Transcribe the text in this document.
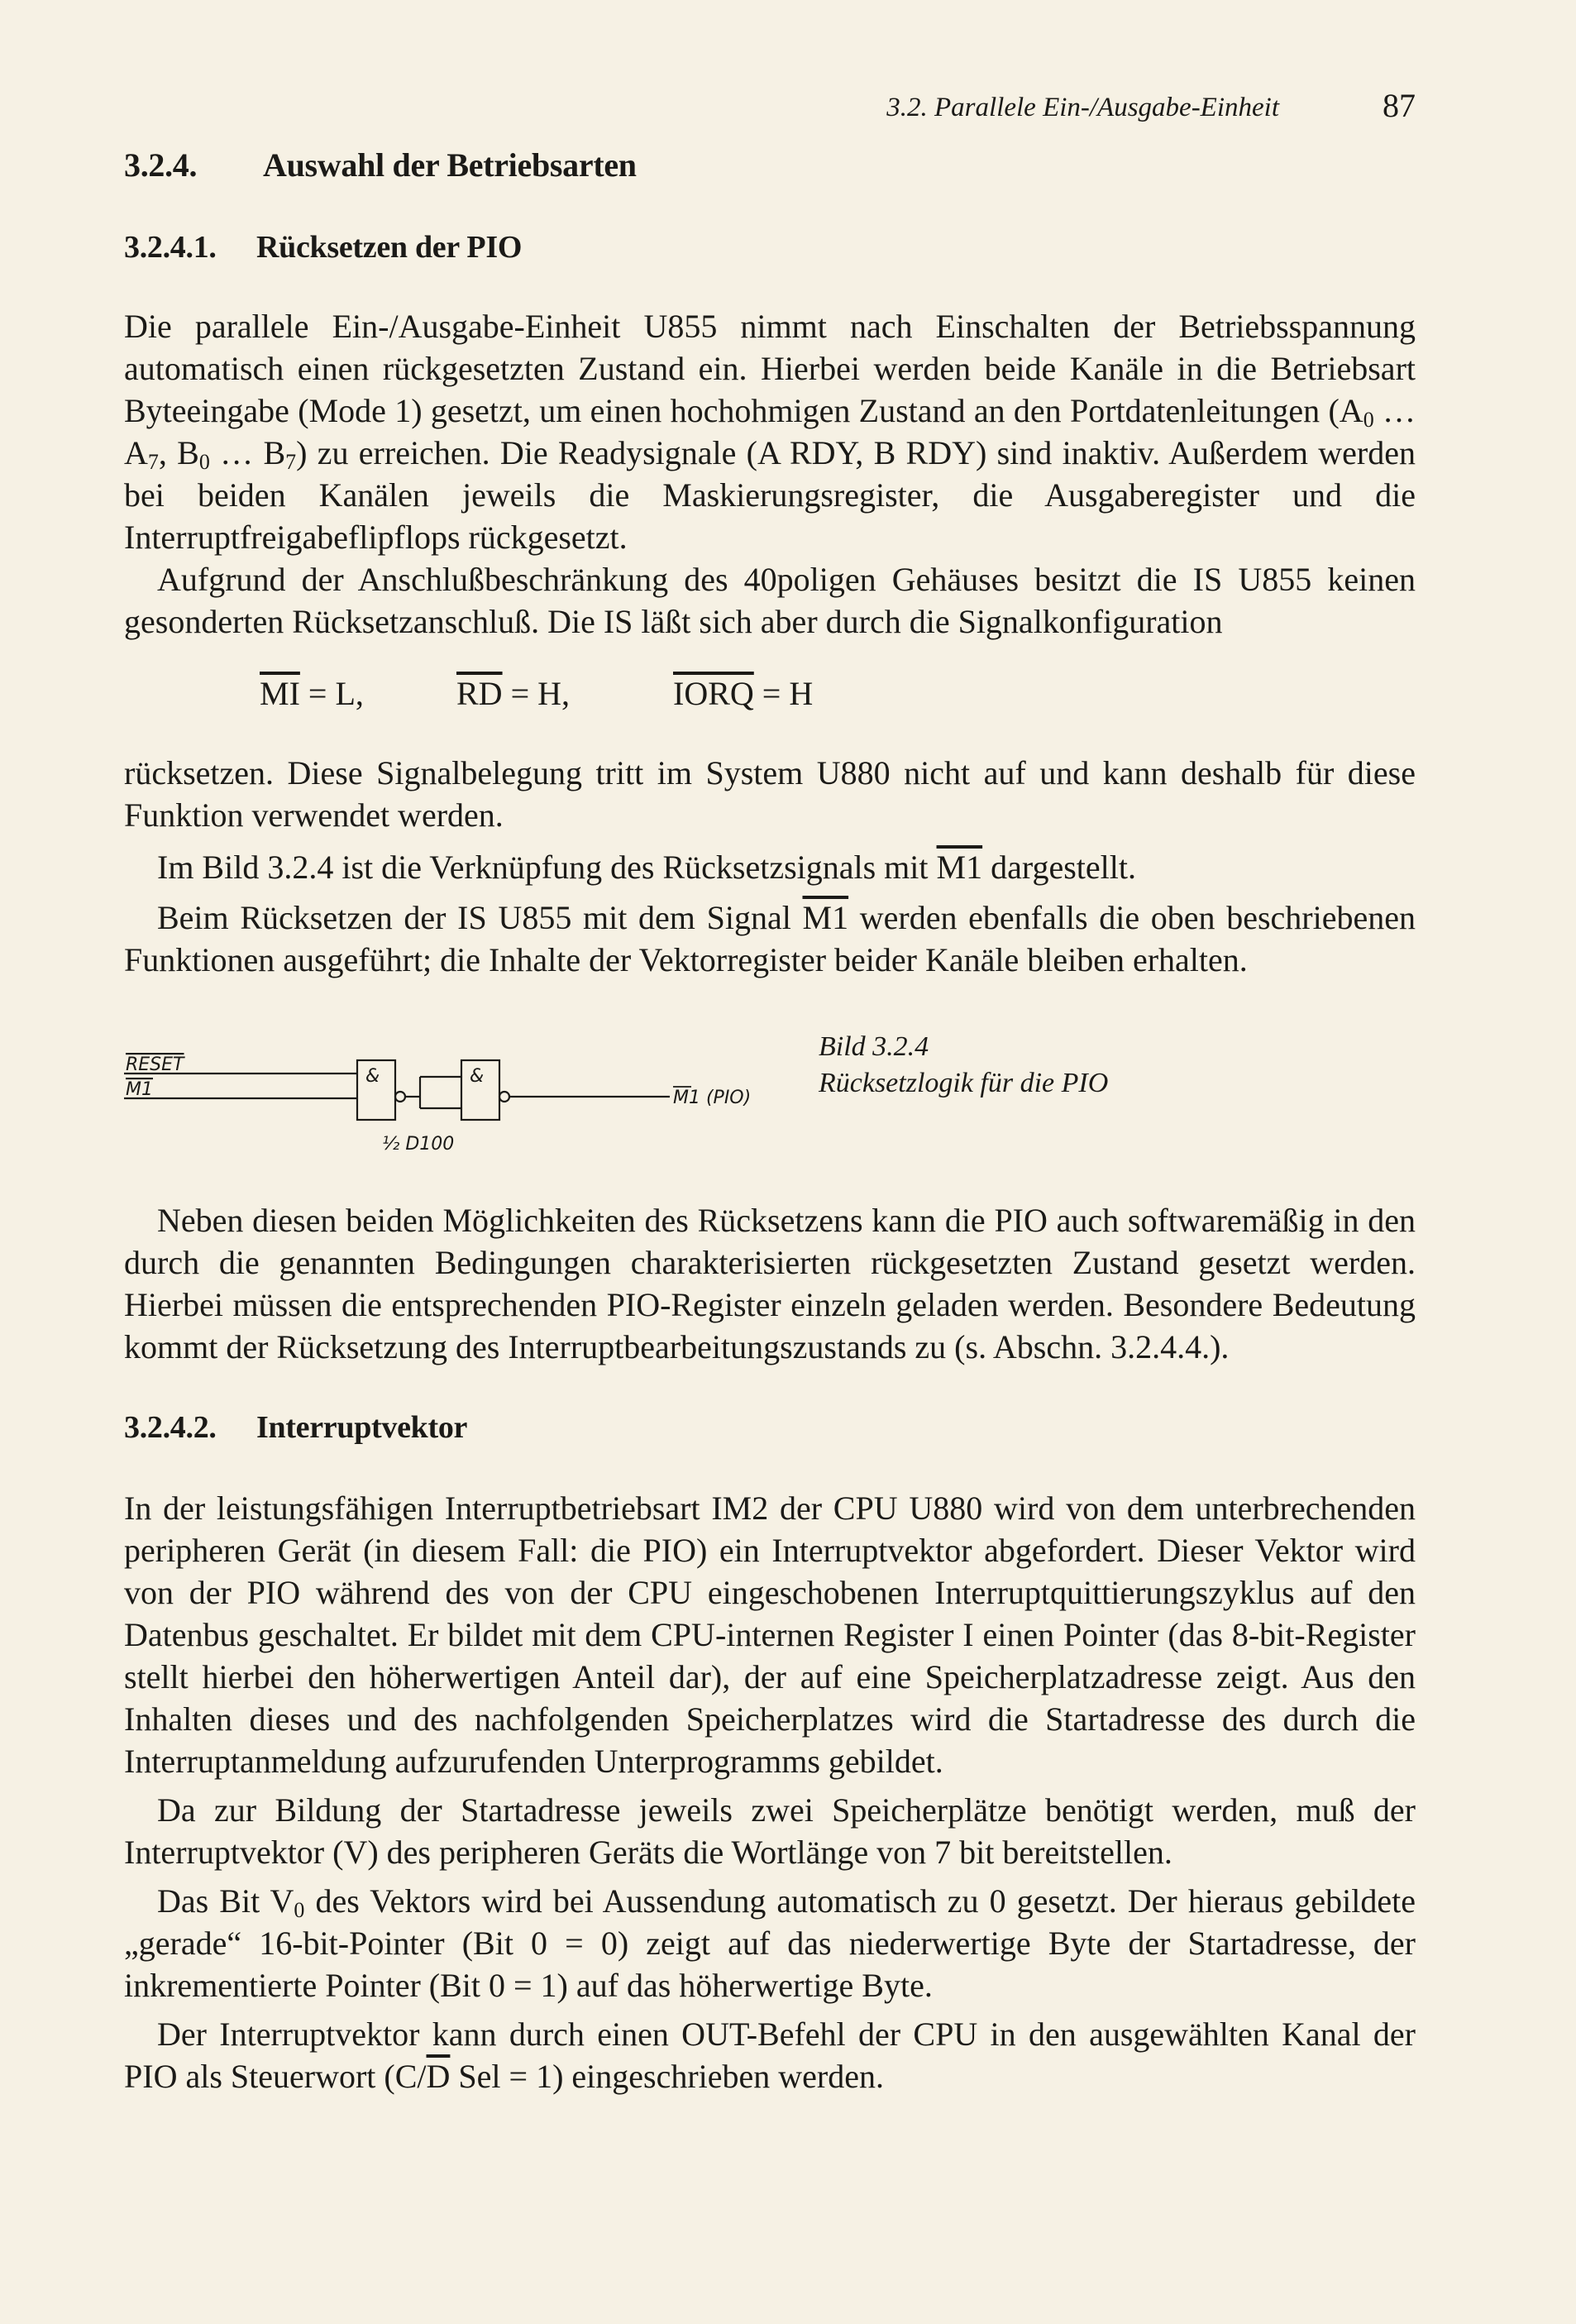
3.2. Parallele Ein-/Ausgabe-Einheit	87
3.2.4. Auswahl der Betriebsarten
3.2.4.1. Rücksetzen der PIO

Die parallele Ein-/Ausgabe-Einheit U855 nimmt nach Einschalten der Betriebsspannung automatisch einen rückgesetzten Zustand ein. Hierbei werden beide Kanäle in die Betriebsart Byteeingabe (Mode 1) gesetzt, um einen hochohmigen Zustand an den Portdatenleitungen ($A_0$ … $A_7$, $B_0$ … $B_7$) zu erreichen. Die Readysignale (A RDY, B RDY) sind inaktiv. Außerdem werden bei beiden Kanälen jeweils die Maskierungsregister, die Ausgaberegister und die Interruptfreigabeflipflops rückgesetzt.

Aufgrund der Anschlußbeschränkung des 40poligen Gehäuses besitzt die IS U855 keinen gesonderten Rücksetzanschluß. Die IS läßt sich aber durch die Signalkonfiguration

$\overline{MI} = L$,	$\overline{RD} = H$,	IORQ = H

rücksetzen. Diese Signalbelegung tritt im System U880 nicht auf und kann deshalb für diese Funktion verwendet werden.

Im Bild 3.2.4 ist die Verknüpfung des Rücksetzsignals mit M1 dargestellt.

Beim Rücksetzen der IS U855 mit dem Signal M1 werden ebenfalls die oben beschriebenen Funktionen ausgeführt; die Inhalte der Vektorregister beider Kanäle bleiben erhalten.

RESET
M1
&	&
½ D100
M1 (PIO)
Bild 3.2.4
Rücksetzlogik für die PIO

Neben diesen beiden Möglichkeiten des Rücksetzens kann die PIO auch softwaremäßig in den durch die genannten Bedingungen charakterisierten rückgesetzten Zustand gesetzt werden. Hierbei müssen die entsprechenden PIO-Register einzeln geladen werden. Besondere Bedeutung kommt der Rücksetzung des Interruptbearbeitungszustands zu (s. Abschn. 3.2.4.4.).

3.2.4.2. Interruptvektor

In der leistungsfähigen Interruptbetriebsart IM2 der CPU U880 wird von dem unterbrechenden peripheren Gerät (in diesem Fall: die PIO) ein Interruptvektor abgefordert. Dieser Vektor wird von der PIO während des von der CPU eingeschobenen Interruptquittierungszyklus auf den Datenbus geschaltet. Er bildet mit dem CPU-internen Register I einen Pointer (das 8-bit-Register stellt hierbei den höherwertigen Anteil dar), der auf eine Speicherplatzadresse zeigt. Aus den Inhalten dieses und des nachfolgenden Speicherplatzes wird die Startadresse des durch die Interruptanmeldung aufzurufenden Unterprogramms gebildet.

Da zur Bildung der Startadresse jeweils zwei Speicherplätze benötigt werden, muß der Interruptvektor (V) des peripheren Geräts die Wortlänge von 7 bit bereitstellen.

Das Bit $V_0$ des Vektors wird bei Aussendung automatisch zu 0 gesetzt. Der hieraus gebildete „gerade“ 16-bit-Pointer (Bit 0 = 0) zeigt auf das niederwertige Byte der Startadresse, der inkrementierte Pointer (Bit 0 = 1) auf das höherwertige Byte.

Der Interruptvektor kann durch einen OUT-Befehl der CPU in den ausgewählten Kanal der PIO als Steuerwort ($C/\overline{D}$ Sel = 1) eingeschrieben werden.
